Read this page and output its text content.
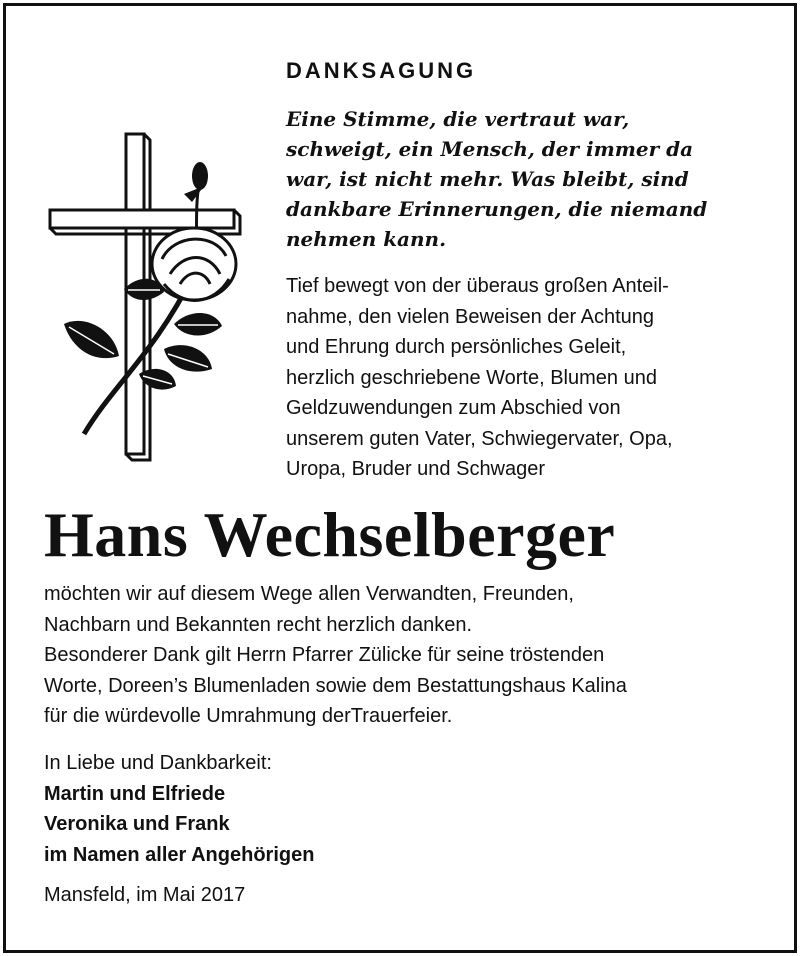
DANKSAGUNG

Eine Stimme, die vertraut war,
schweigt, ein Mensch, der immer da
war, ist nicht mehr. Was bleibt, sind
dankbare Erinnerungen, die niemand
nehmen kann.

Tief bewegt von der überaus großen Anteil-
nahme, den vielen Beweisen der Achtung
und Ehrung durch persönliches Geleit,
herzlich geschriebene Worte, Blumen und
Geldzuwendungen zum Abschied von
unserem guten Vater, Schwiegervater, Opa,
Uropa, Bruder und Schwager

Hans Wechselberger

möchten wir auf diesem Wege allen Verwandten, Freunden,
Nachbarn und Bekannten recht herzlich danken.
Besonderer Dank gilt Herrn Pfarrer Zülicke für seine tröstenden
Worte, Doreen’s Blumenladen sowie dem Bestattungshaus Kalina
für die würdevolle Umrahmung derTrauerfeier.

In Liebe und Dankbarkeit:
Martin und Elfriede
Veronika und Frank
im Namen aller Angehörigen

Mansfeld, im Mai 2017
